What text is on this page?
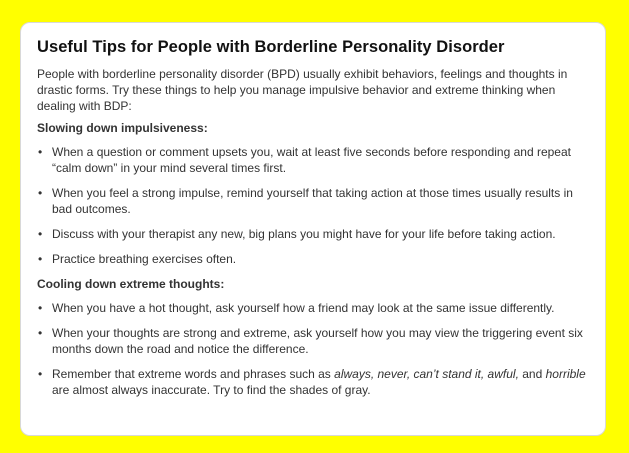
Useful Tips for People with Borderline Personality Disorder

People with borderline personality disorder (BPD) usually exhibit behaviors, feelings and thoughts in drastic forms. Try these things to help you manage impulsive behavior and extreme thinking when dealing with BDP:

Slowing down impulsiveness:
• When a question or comment upsets you, wait at least five seconds before responding and repeat “calm down” in your mind several times first.
• When you feel a strong impulse, remind yourself that taking action at those times usually results in bad outcomes.
• Discuss with your therapist any new, big plans you might have for your life before taking action.
• Practice breathing exercises often.
Cooling down extreme thoughts:
• When you have a hot thought, ask yourself how a friend may look at the same issue differently.
• When your thoughts are strong and extreme, ask yourself how you may view the triggering event six months down the road and notice the difference.
• Remember that extreme words and phrases such as always, never, can’t stand it, awful, and horrible are almost always inaccurate. Try to find the shades of gray.
